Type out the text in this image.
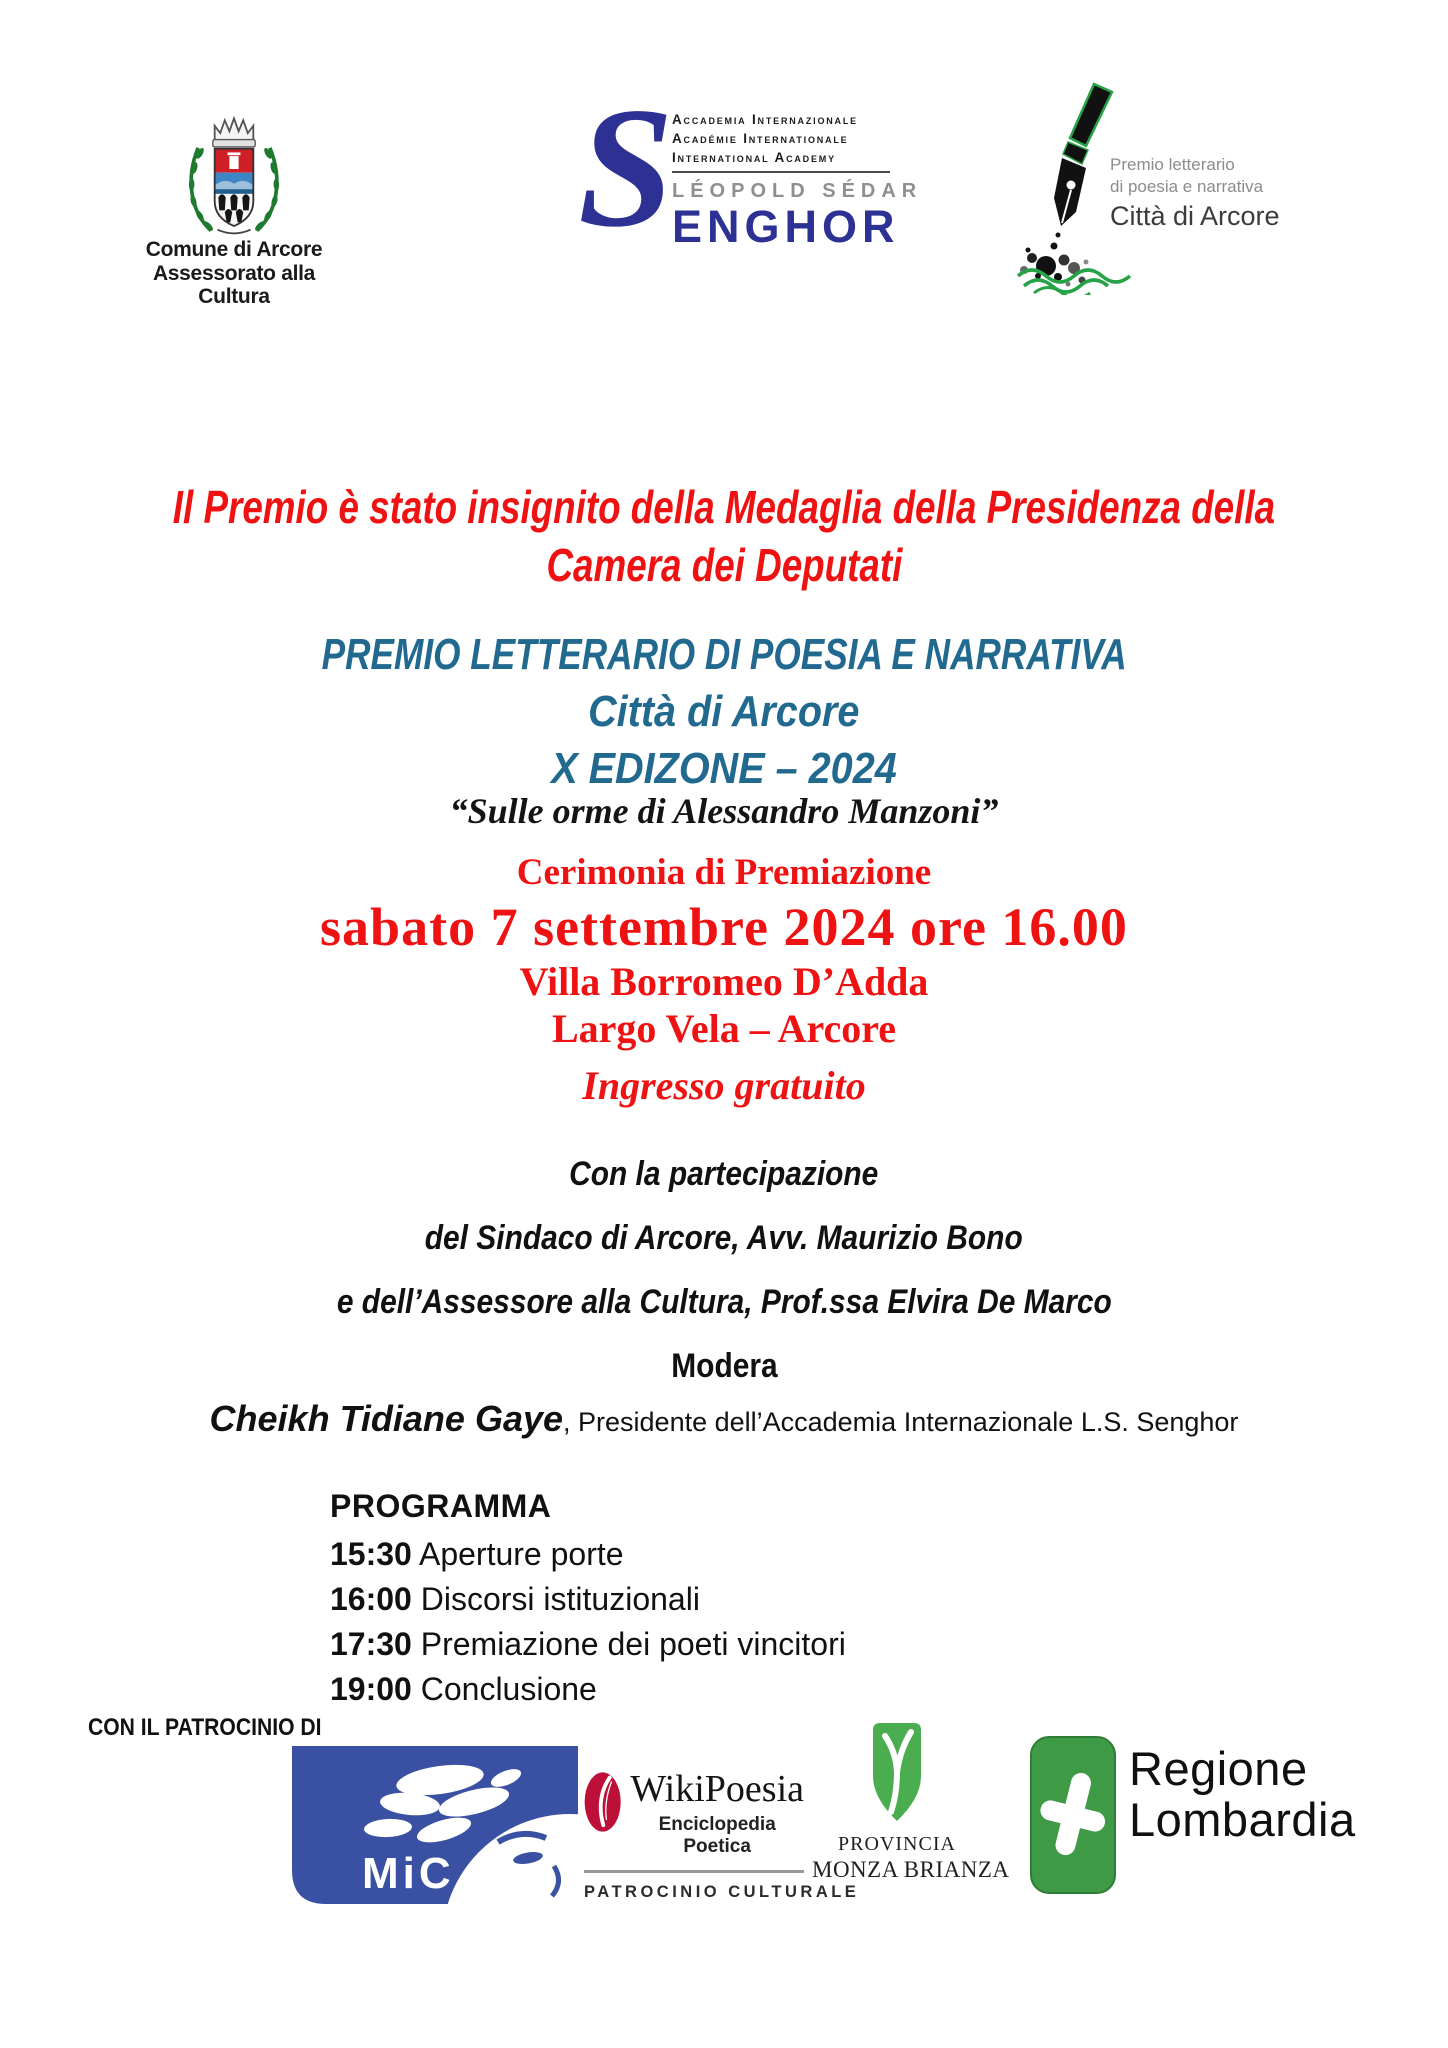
Comune di Arcore
Assessorato alla Cultura
S
Accademia Internazionale
Académie Internationale
International Academy
LÉOPOLD SÉDAR
ENGHOR
Premio letterario
di poesia e narrativa
Città di Arcore
Il Premio è stato insignito della Medaglia della Presidenza della
Camera dei Deputati
PREMIO LETTERARIO DI POESIA E NARRATIVA
Città di Arcore
X EDIZONE – 2024
“Sulle orme di Alessandro Manzoni”
Cerimonia di Premiazione
sabato 7 settembre 2024 ore 16.00
Villa Borromeo D’Adda
Largo Vela – Arcore
Ingresso gratuito
Con la partecipazione
del Sindaco di Arcore, Avv. Maurizio Bono
e dell’Assessore alla Cultura, Prof.ssa Elvira De Marco
Modera
Cheikh Tidiane Gaye, Presidente dell’Accademia Internazionale L.S. Senghor
PROGRAMMA
15:30 Aperture porte
16:00 Discorsi istituzionali
17:30 Premiazione dei poeti vincitori
19:00 Conclusione
CON IL PATROCINIO DI
MiC
WikiPoesia
Enciclopedia Poetica
PATROCINIO CULTURALE
PROVINCIA
MONZA BRIANZA
Regione
Lombardia
